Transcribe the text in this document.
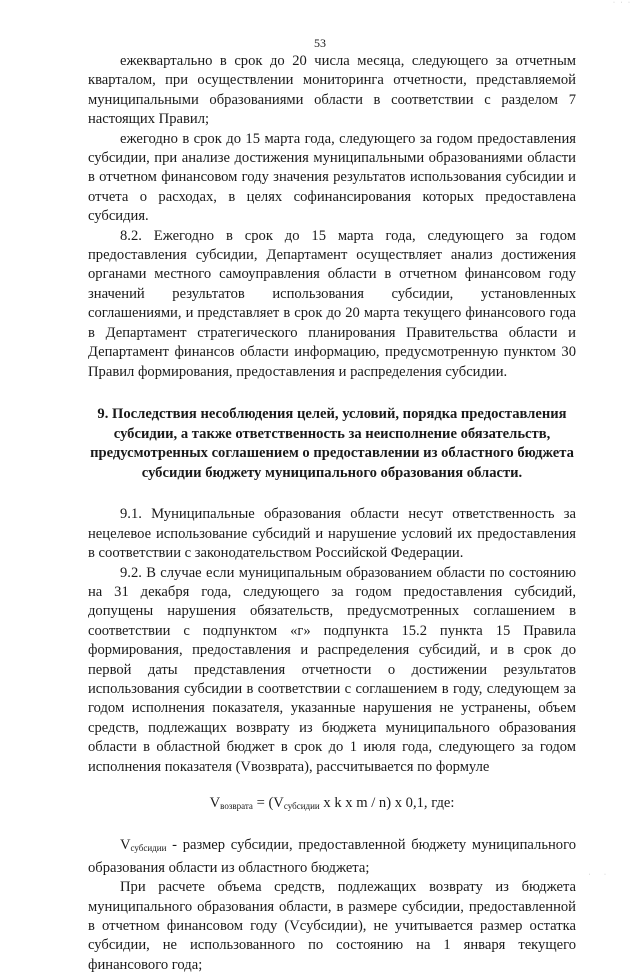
· · ·
53

ежеквартально в срок до 20 числа месяца, следующего за отчетным кварталом, при осуществлении мониторинга отчетности, представляемой муниципальными образованиями области в соответствии с разделом 7 настоящих Правил;

ежегодно в срок до 15 марта года, следующего за годом предоставления субсидии, при анализе достижения муниципальными образованиями области в отчетном финансовом году значения результатов использования субсидии и отчета о расходах, в целях софинансирования которых предоставлена субсидия.

8.2. Ежегодно в срок до 15 марта года, следующего за годом предоставления субсидии, Департамент осуществляет анализ достижения органами местного самоуправления области в отчетном финансовом году значений результатов использования субсидии, установленных соглашениями, и представляет в срок до 20 марта текущего финансового года в Департамент стратегического планирования Правительства области и Департамент финансов области информацию, предусмотренную пунктом 30 Правил формирования, предоставления и распределения субсидии.

9. Последствия несоблюдения целей, условий, порядка предоставления субсидии, а также ответственность за неисполнение обязательств, предусмотренных соглашением о предоставлении из областного бюджета субсидии бюджету муниципального образования области.

9.1. Муниципальные образования области несут ответственность за нецелевое использование субсидий и нарушение условий их предоставления в соответствии с законодательством Российской Федерации.

9.2. В случае если муниципальным образованием области по состоянию на 31 декабря года, следующего за годом предоставления субсидий, допущены нарушения обязательств, предусмотренных соглашением в соответствии с подпунктом «г» подпункта 15.2 пункта 15 Правила формирования, предоставления и распределения субсидий, и в срок до первой даты представления отчетности о достижении результатов использования субсидии в соответствии с соглашением в году, следующем за годом исполнения показателя, указанные нарушения не устранены, объем средств, подлежащих возврату из бюджета муниципального образования области в областной бюджет в срок до 1 июля года, следующего за годом исполнения показателя (Vвозврата), рассчитывается по формуле

$V_{возврата} = (V_{субсидии}$ x k x m / n) x 0,1, где:

$V_{субсидии}$ - размер субсидии, предоставленной бюджету муниципального образования области из областного бюджета;

При расчете объема средств, подлежащих возврату из бюджета муниципального образования области, в размере субсидии, предоставленной в отчетном финансовом году (Vсубсидии), не учитывается размер остатка субсидии, не использованного по состоянию на 1 января текущего финансового года;

· ·
